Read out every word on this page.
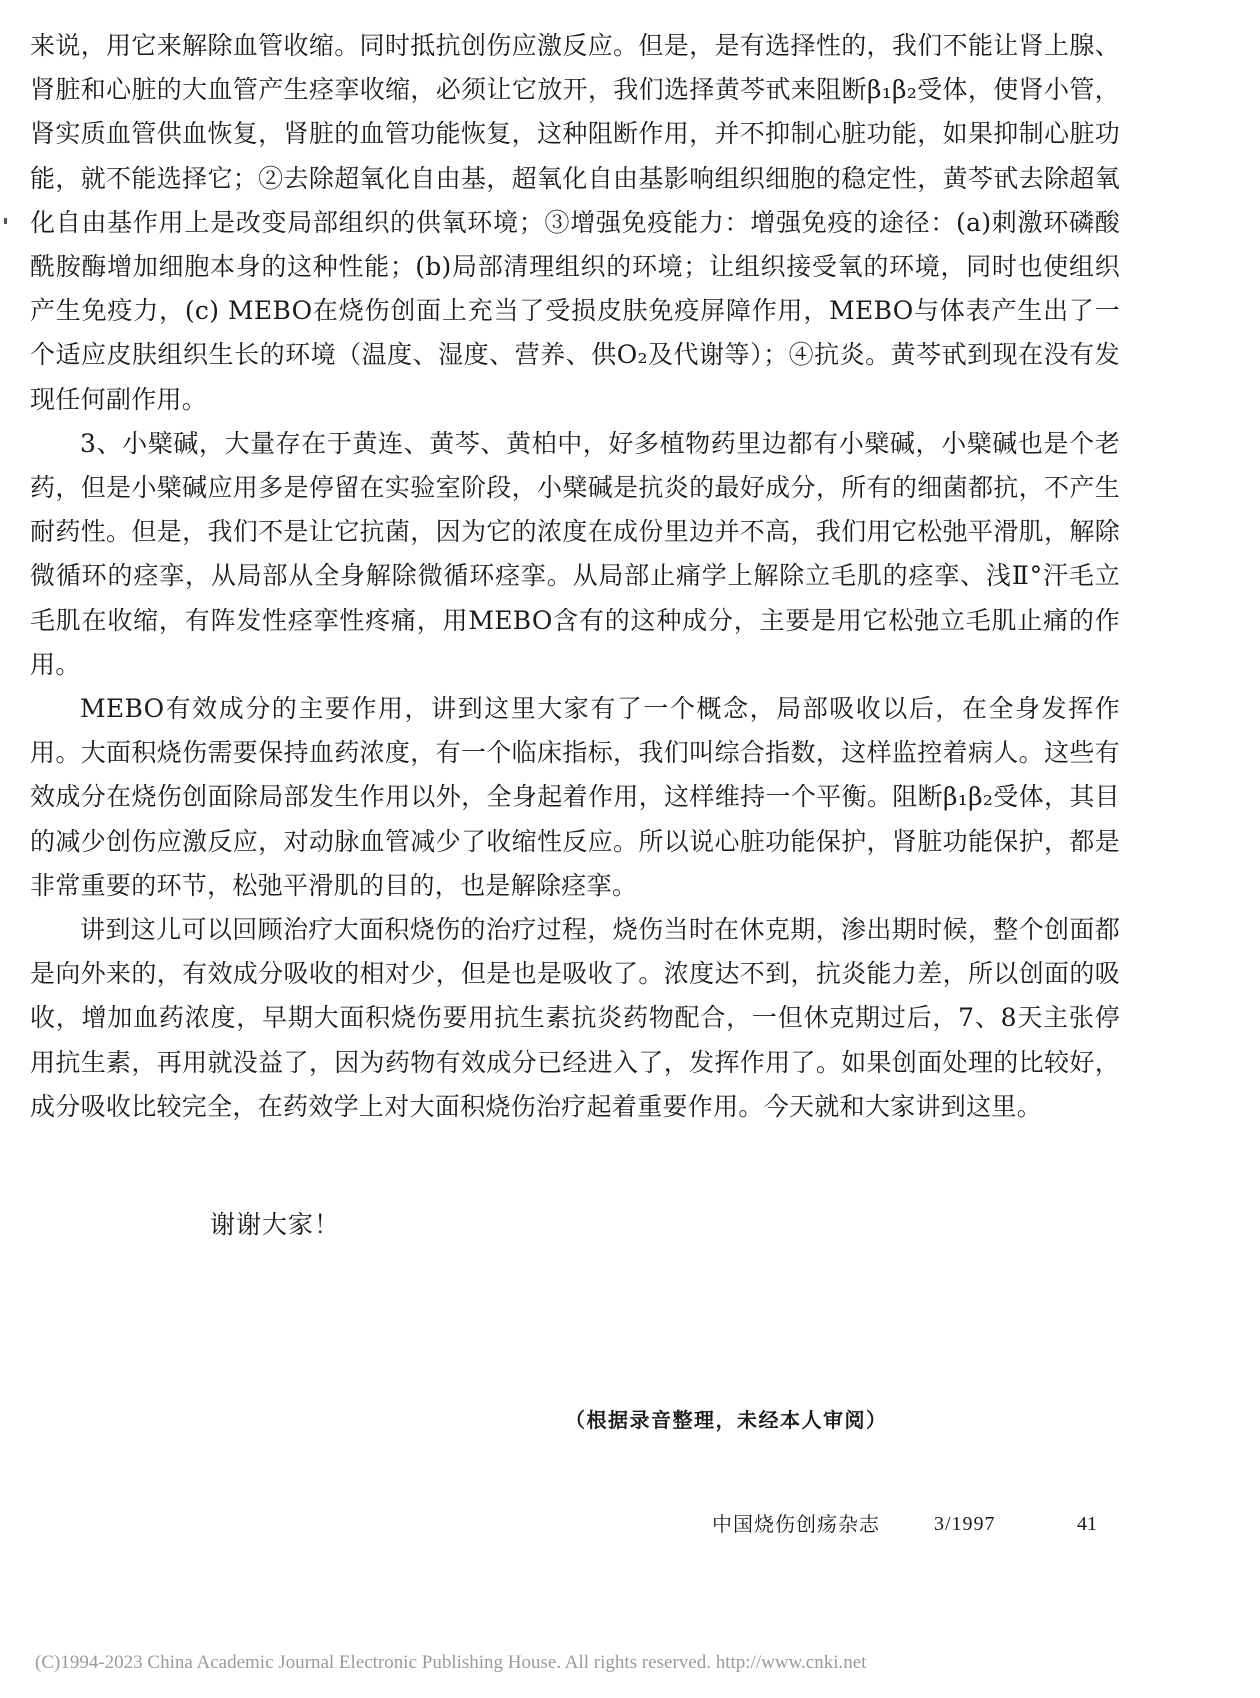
来说，用它来解除血管收缩。同时抵抗创伤应激反应。但是，是有选择性的，我们不能让肾上腺、肾脏和心脏的大血管产生痉挛收缩，必须让它放开，我们选择黄芩甙来阻断β₁β₂受体，使肾小管，肾实质血管供血恢复，肾脏的血管功能恢复，这种阻断作用，并不抑制心脏功能，如果抑制心脏功能，就不能选择它；②去除超氧化自由基，超氧化自由基影响组织细胞的稳定性，黄芩甙去除超氧化自由基作用上是改变局部组织的供氧环境；③增强免疫能力：增强免疫的途径：(a)刺激环磷酸酰胺酶增加细胞本身的这种性能；(b)局部清理组织的环境；让组织接受氧的环境，同时也使组织产生免疫力，(c) MEBO在烧伤创面上充当了受损皮肤免疫屏障作用，MEBO与体表产生出了一个适应皮肤组织生长的环境（温度、湿度、营养、供O₂及代谢等）；④抗炎。黄芩甙到现在没有发现任何副作用。

3、小檗碱，大量存在于黄连、黄芩、黄柏中，好多植物药里边都有小檗碱，小檗碱也是个老药，但是小檗碱应用多是停留在实验室阶段，小檗碱是抗炎的最好成分，所有的细菌都抗，不产生耐药性。但是，我们不是让它抗菌，因为它的浓度在成份里边并不高，我们用它松弛平滑肌，解除微循环的痉挛，从局部从全身解除微循环痉挛。从局部止痛学上解除立毛肌的痉挛、浅Ⅱ°汗毛立毛肌在收缩，有阵发性痉挛性疼痛，用MEBO含有的这种成分，主要是用它松弛立毛肌止痛的作用。

MEBO有效成分的主要作用，讲到这里大家有了一个概念，局部吸收以后，在全身发挥作用。大面积烧伤需要保持血药浓度，有一个临床指标，我们叫综合指数，这样监控着病人。这些有效成分在烧伤创面除局部发生作用以外，全身起着作用，这样维持一个平衡。阻断β₁β₂受体，其目的减少创伤应激反应，对动脉血管减少了收缩性反应。所以说心脏功能保护，肾脏功能保护，都是非常重要的环节，松弛平滑肌的目的，也是解除痉挛。

讲到这儿可以回顾治疗大面积烧伤的治疗过程，烧伤当时在休克期，渗出期时候，整个创面都是向外来的，有效成分吸收的相对少，但是也是吸收了。浓度达不到，抗炎能力差，所以创面的吸收，增加血药浓度，早期大面积烧伤要用抗生素抗炎药物配合，一但休克期过后，7、8天主张停用抗生素，再用就没益了，因为药物有效成分已经进入了，发挥作用了。如果创面处理的比较好，成分吸收比较完全，在药效学上对大面积烧伤治疗起着重要作用。今天就和大家讲到这里。

谢谢大家！
（根据录音整理，未经本人审阅）
中国烧伤创疡杂志	3/1997	41
(C)1994-2023 China Academic Journal Electronic Publishing House. All rights reserved. http://www.cnki.net
